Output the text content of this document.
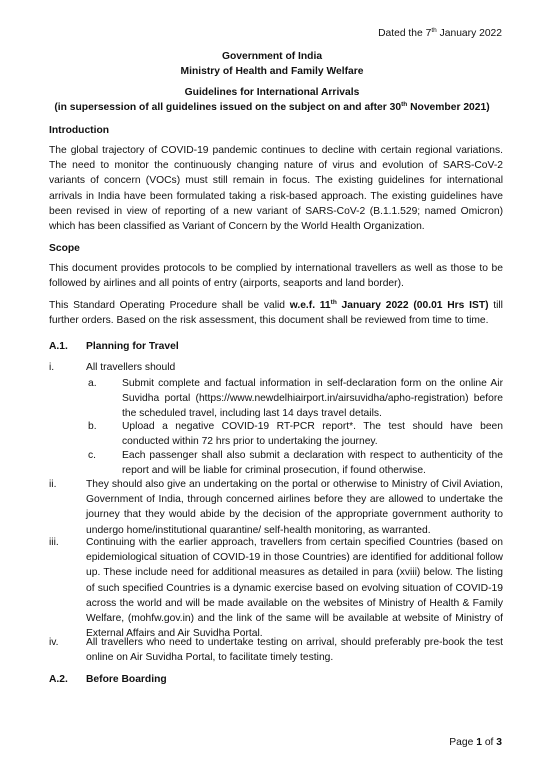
Dated the 7th January 2022
Government of India
Ministry of Health and Family Welfare
Guidelines for International Arrivals
(in supersession of all guidelines issued on the subject on and after 30th November 2021)
Introduction

The global trajectory of COVID-19 pandemic continues to decline with certain regional variations. The need to monitor the continuously changing nature of virus and evolution of SARS-CoV-2 variants of concern (VOCs) must still remain in focus. The existing guidelines for international arrivals in India have been formulated taking a risk-based approach. The existing guidelines have been revised in view of reporting of a new variant of SARS-CoV-2 (B.1.1.529; named Omicron) which has been classified as Variant of Concern by the World Health Organization.

Scope

This document provides protocols to be complied by international travellers as well as those to be followed by airlines and all points of entry (airports, seaports and land border).

This Standard Operating Procedure shall be valid w.e.f. 11th January 2022 (00.01 Hrs IST) till further orders. Based on the risk assessment, this document shall be reviewed from time to time.

A.1. Planning for Travel
i.	All travellers should

a. Submit complete and factual information in self-declaration form on the online Air Suvidha portal (https://www.newdelhiairport.in/airsuvidha/apho-registration) before the scheduled travel, including last 14 days travel details.

b. Upload a negative COVID-19 RT-PCR report*. The test should have been conducted within 72 hrs prior to undertaking the journey.

c.	Each passenger shall also submit a declaration with respect to authenticity of the report and will be liable for criminal prosecution, if found otherwise.

ii.	They should also give an undertaking on the portal or otherwise to Ministry of Civil Aviation, Government of India, through concerned airlines before they are allowed to undertake the journey that they would abide by the decision of the appropriate government authority to undergo home/institutional quarantine/ self-health monitoring, as warranted.

iii.	Continuing with the earlier approach, travellers from certain specified Countries (based on epidemiological situation of COVID-19 in those Countries) are identified for additional follow up. These include need for additional measures as detailed in para (xviii) below. The listing of such specified Countries is a dynamic exercise based on evolving situation of COVID-19 across the world and will be made available on the websites of Ministry of Health & Family Welfare, (mohfw.gov.in) and the link of the same will be available at website of Ministry of External Affairs and Air Suvidha Portal.

iv.	All travellers who need to undertake testing on arrival, should preferably pre-book the test online on Air Suvidha Portal, to facilitate timely testing.

A.2. Before Boarding
Page 1 of 3
